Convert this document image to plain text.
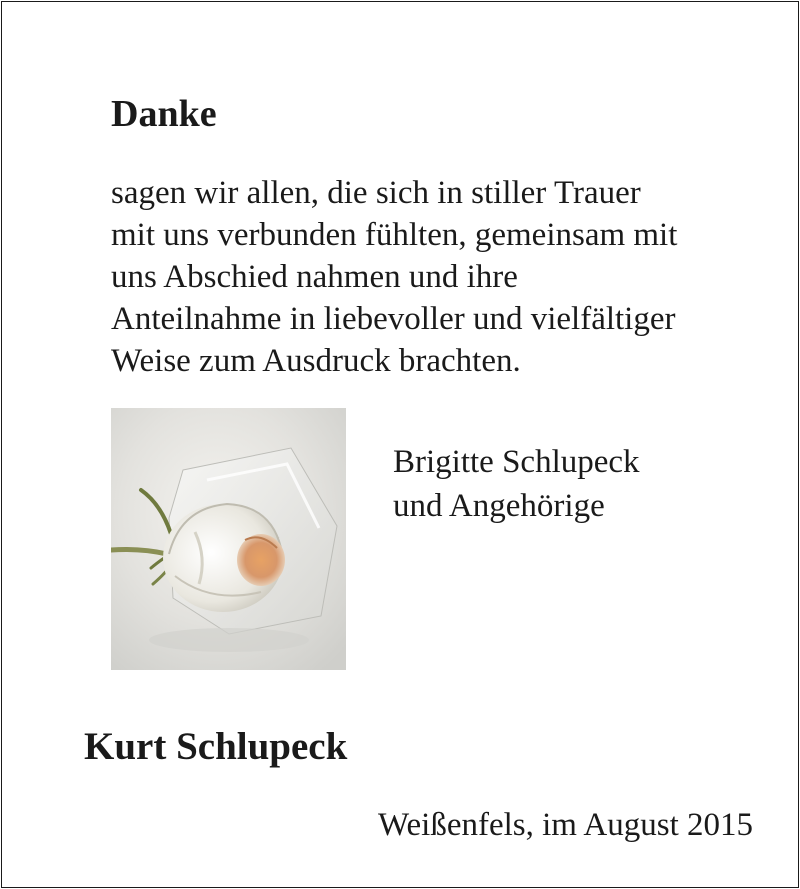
Danke

sagen wir allen, die sich in stiller Trauer
mit uns verbunden fühlten, gemeinsam mit
uns Abschied nahmen und ihre
Anteilnahme in liebevoller und vielfältiger
Weise zum Ausdruck brachten.

Brigitte Schlupeck
und Angehörige

Kurt Schlupeck

Weißenfels, im August 2015
